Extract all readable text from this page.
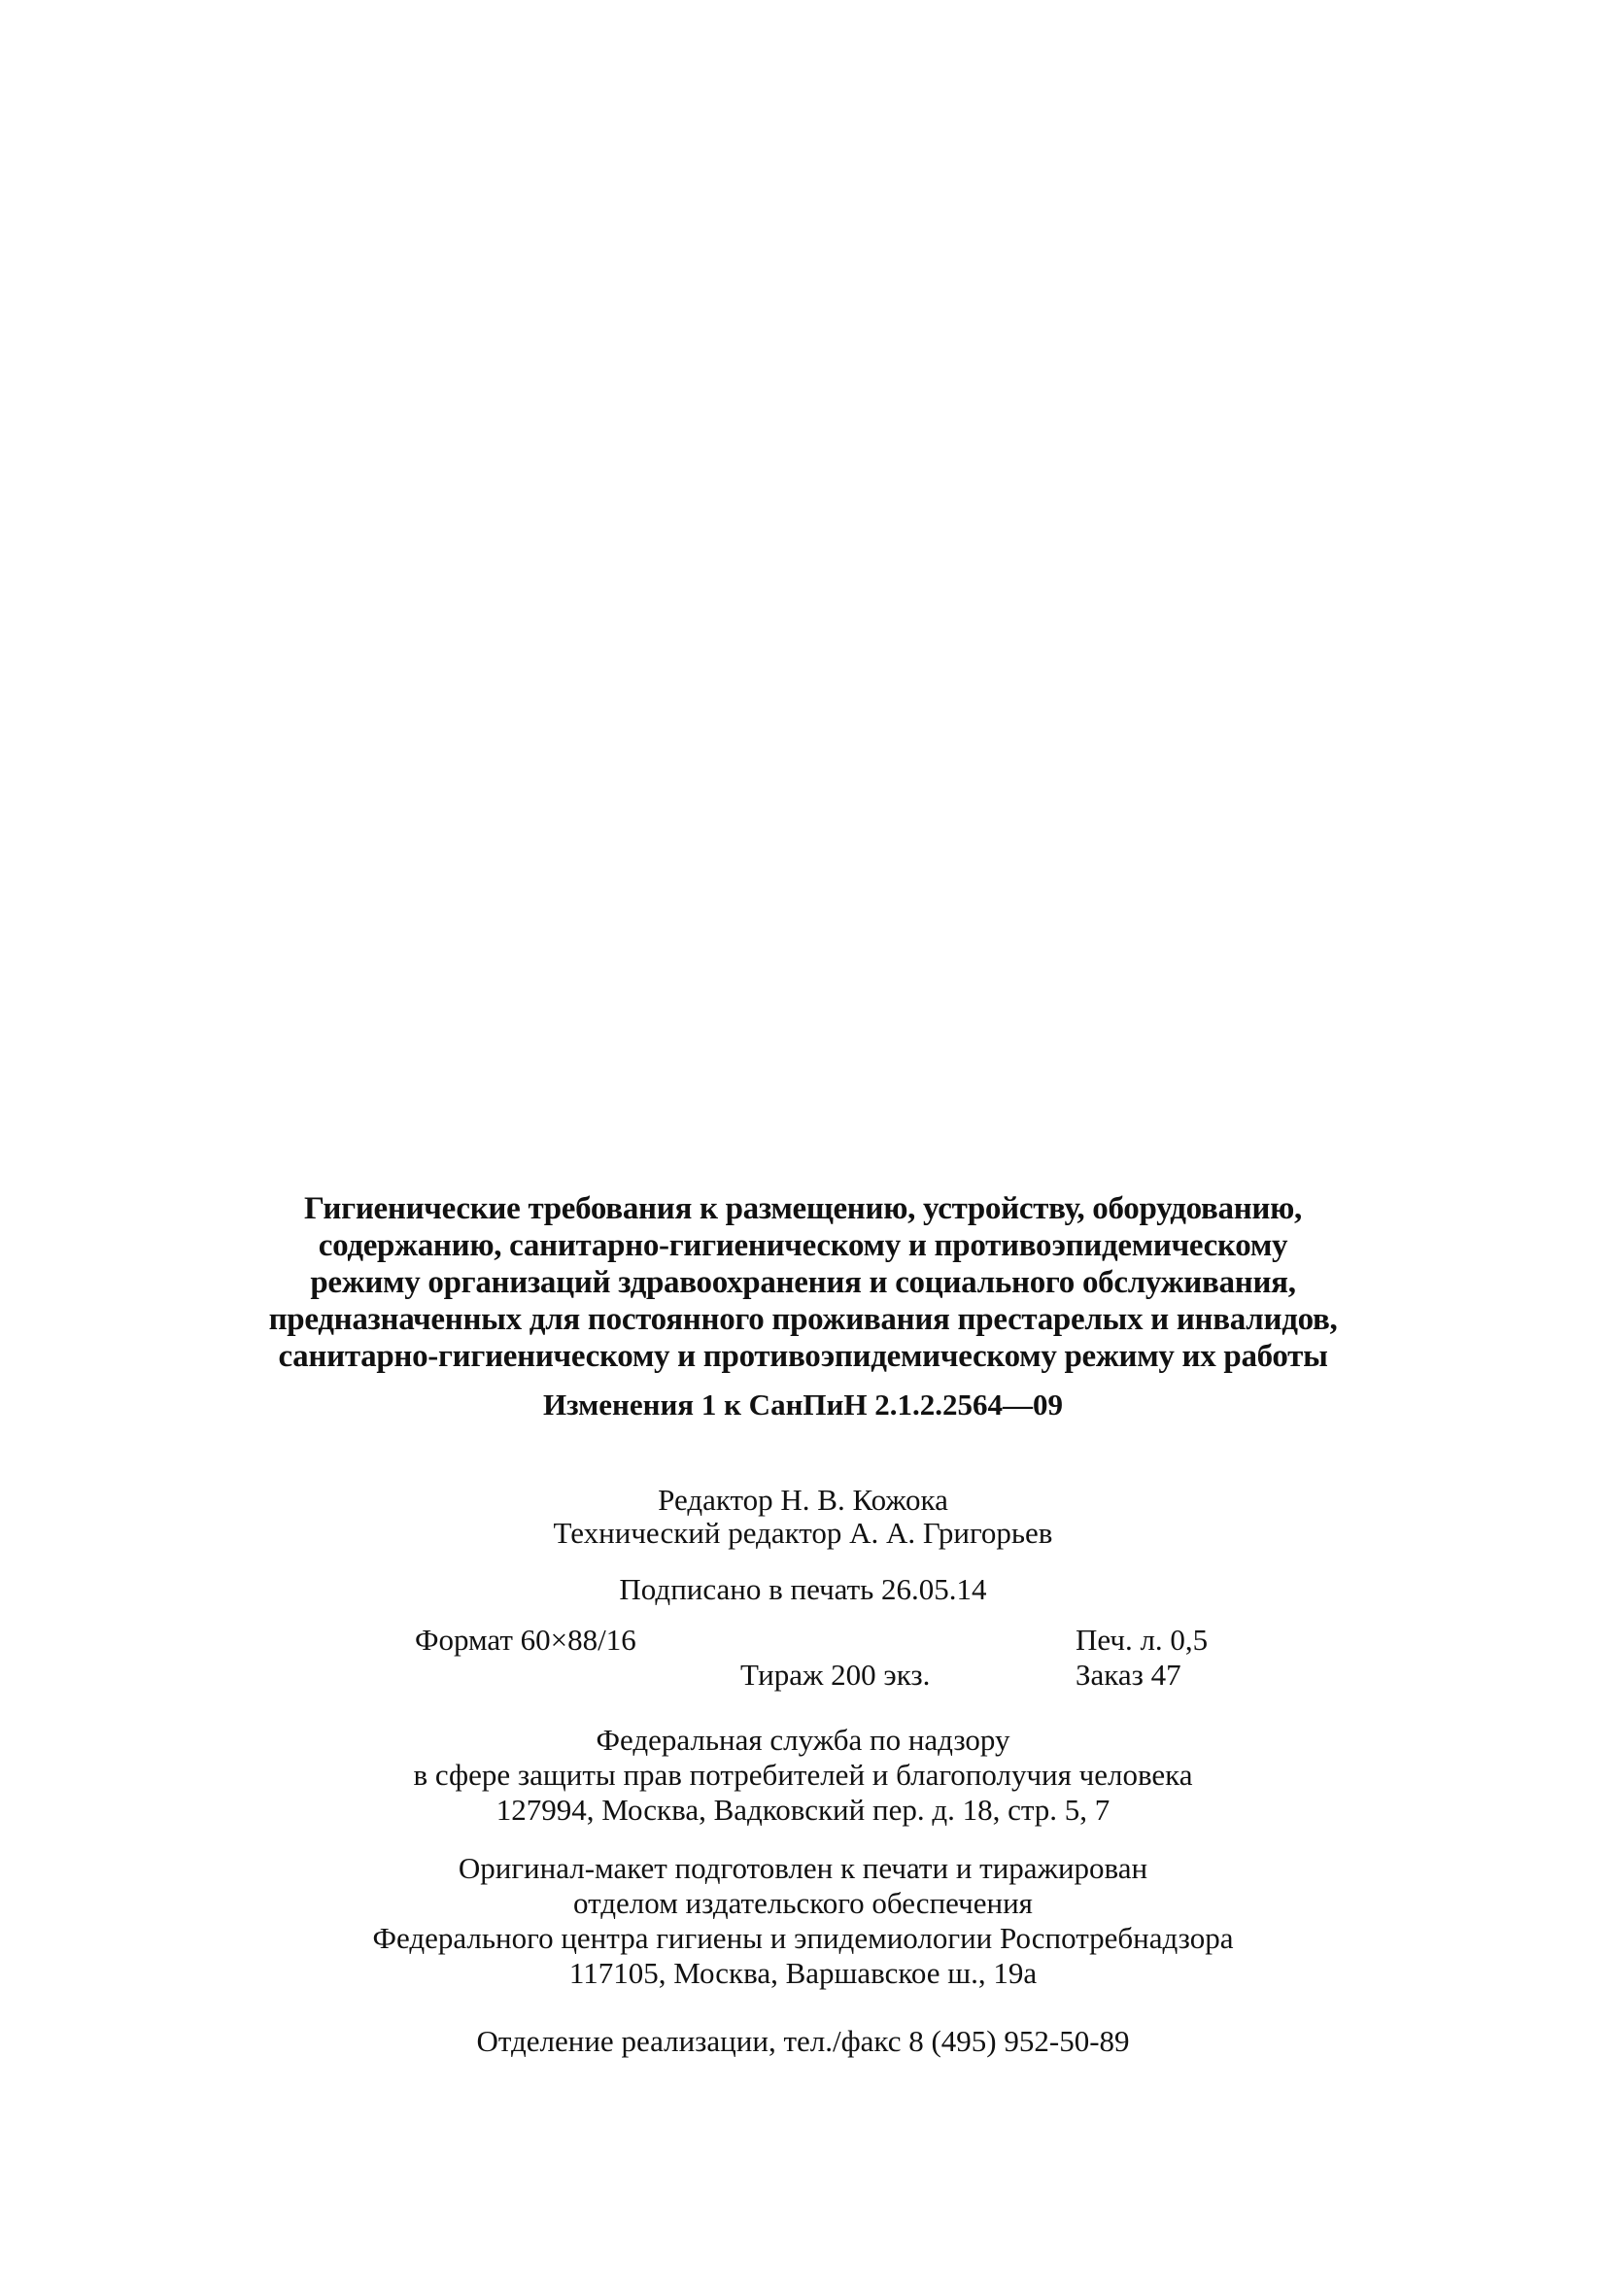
Гигиенические требования к размещению, устройству, оборудованию,
содержанию, санитарно-гигиеническому и противоэпидемическому
режиму организаций здравоохранения и социального обслуживания,
предназначенных для постоянного проживания престарелых и инвалидов,
санитарно-гигиеническому и противоэпидемическому режиму их работы
Изменения 1 к СанПиН 2.1.2.2564—09
Редактор Н. В. Кожока
Технический редактор А. А. Григорьев
Подписано в печать 26.05.14
Формат 60×88/16	Печ. л. 0,5
Тираж 200 экз.	Заказ 47
Федеральная служба по надзору
в сфере защиты прав потребителей и благополучия человека
127994, Москва, Вадковский пер. д. 18, стр. 5, 7
Оригинал-макет подготовлен к печати и тиражирован
отделом издательского обеспечения
Федерального центра гигиены и эпидемиологии Роспотребнадзора
117105, Москва, Варшавское ш., 19а
Отделение реализации, тел./факс 8 (495) 952-50-89
